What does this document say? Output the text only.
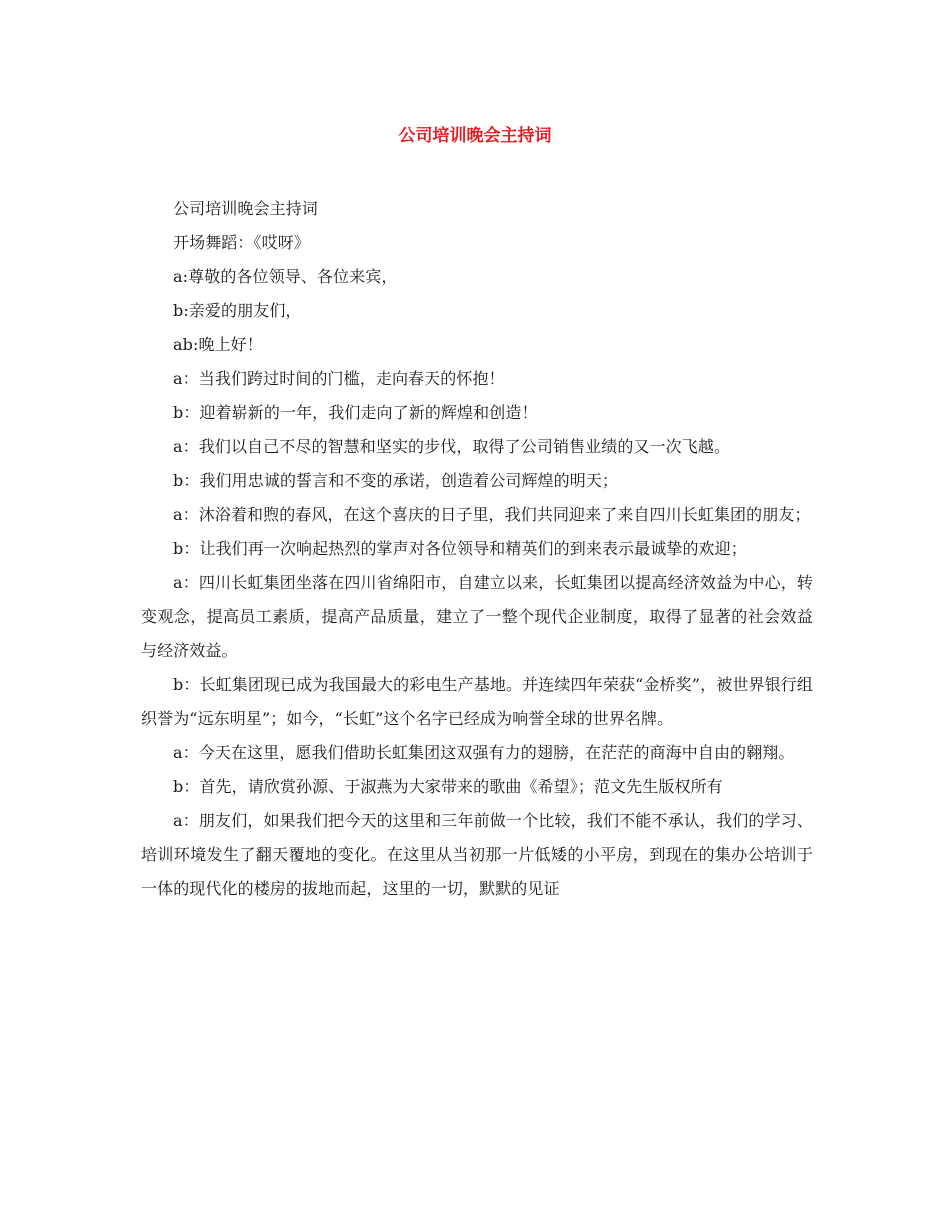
公司培训晚会主持词

公司培训晚会主持词

开场舞蹈：《哎呀》

a:尊敬的各位领导、各位来宾，

b:亲爱的朋友们，

ab:晚上好！

a：当我们跨过时间的门槛，走向春天的怀抱！

b：迎着崭新的一年，我们走向了新的辉煌和创造！

a：我们以自己不尽的智慧和坚实的步伐，取得了公司销售业绩的又一次飞越。

b：我们用忠诚的誓言和不变的承诺，创造着公司辉煌的明天；

a：沐浴着和煦的春风，在这个喜庆的日子里，我们共同迎来了来自四川长虹集团的朋友；

b：让我们再一次响起热烈的掌声对各位领导和精英们的到来表示最诚挚的欢迎；

a：四川长虹集团坐落在四川省绵阳市，自建立以来，长虹集团以提高经济效益为中心，转变观念，提高员工素质，提高产品质量，建立了一整个现代企业制度，取得了显著的社会效益与经济效益。

b：长虹集团现已成为我国最大的彩电生产基地。并连续四年荣获“金桥奖”，被世界银行组织誉为“远东明星”；如今，“长虹”这个名字已经成为响誉全球的世界名牌。

a：今天在这里，愿我们借助长虹集团这双强有力的翅膀，在茫茫的商海中自由的翱翔。

b：首先，请欣赏孙源、于淑燕为大家带来的歌曲《希望》；范文先生版权所有

a：朋友们，如果我们把今天的这里和三年前做一个比较，我们不能不承认，我们的学习、培训环境发生了翻天覆地的变化。在这里从当初那一片低矮的小平房，到现在的集办公培训于一体的现代化的楼房的拔地而起，这里的一切，默默的见证
